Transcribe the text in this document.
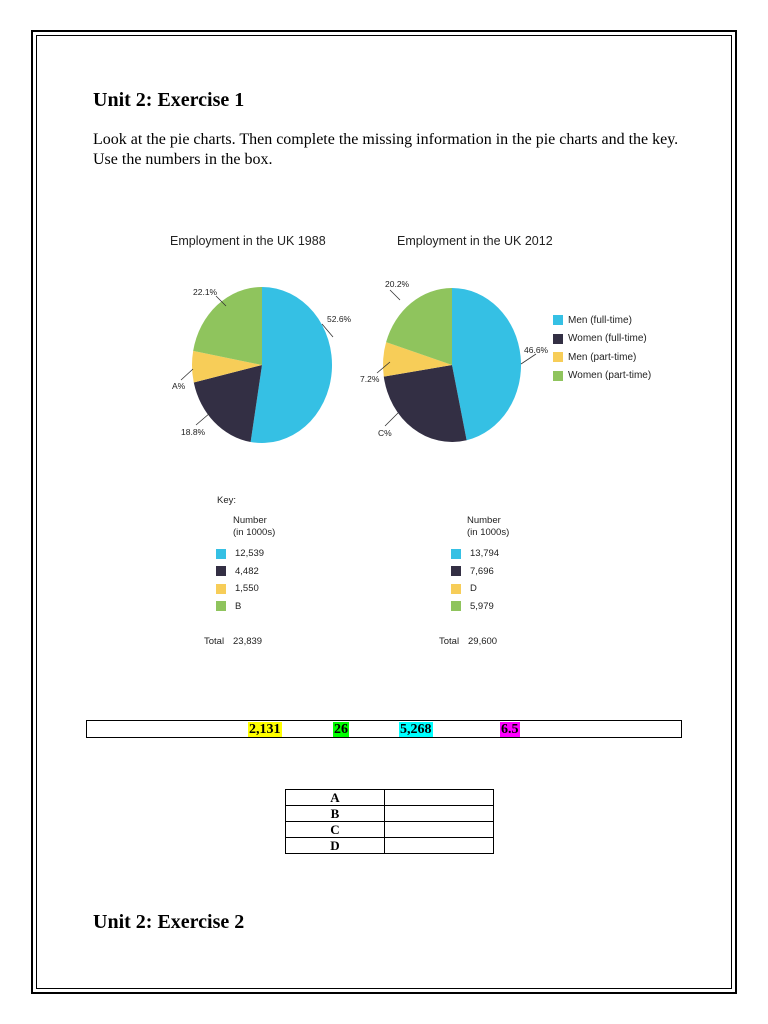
Unit 2: Exercise 1

Look at the pie charts. Then complete the missing information in the pie charts and the key. Use the numbers in the box.

Employment in the UK 1988
52.6%
18.8%
A%
22.1%
Employment in the UK 2012
46.6%
C%
7.2%
20.2%
Men (full-time)
Women (full-time)
Men (part-time)
Women (part-time)
Key:
Number
(in 1000s)
12,539
4,482
1,550
B
Total 23,839
Number
(in 1000s)
13,794
7,696
D
5,979
Total 29,600
2,131	26	5,268	6.5
A	
B	
C	
D	
Unit 2: Exercise 2
